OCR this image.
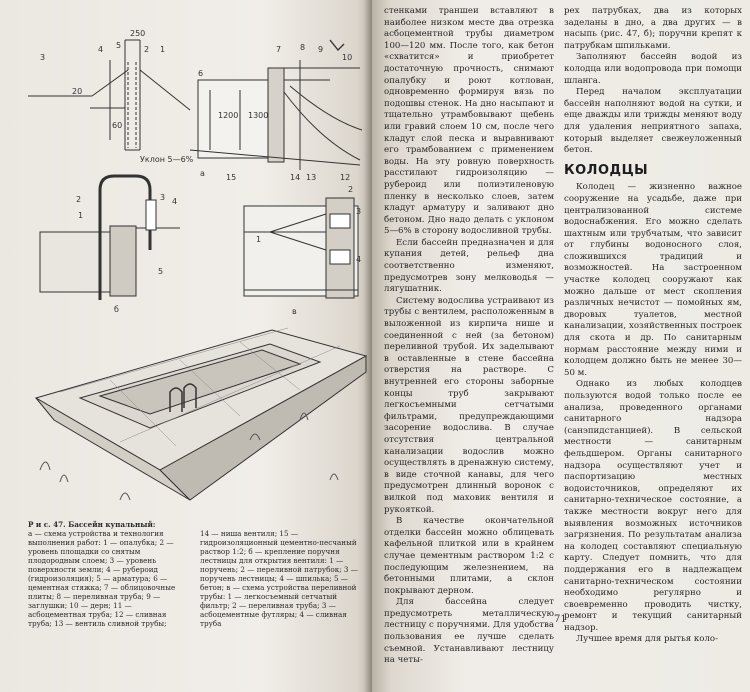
3
4 5
250
2 1
20
60
Уклон 5—6%
1200 1300
7 8 9
10
6
15	14 13	12
а
2
1
3 4
5
б
3
2
1
4
в
Р и с. 47. Бассейн купальный:

а — схема устройства и технология выполнения работ: 1 — опалубка; 2 — уровень площадки со снятым плодородным слоем; 3 — уровень поверхности земли; 4 — рубероид (гидроизоляция); 5 — арматура; 6 — цементная стяжка; 7 — облицовочные плиты; 8 — переливная труба; 9 — заглушки; 10 — дерн; 11 — асбоцементная труба; 12 — сливная труба; 13 — вентиль сливной трубы;

14 — ниша вентиля; 15 — гидроизоляционный цементно-песчаный раствор 1:2; б — крепление поручня лестницы для открытия вентиля: 1 — поручень; 2 — переливной патрубок; 3 — поручень лестницы; 4 — шпилька; 5 — бетон; в — схема устройства переливной трубы: 1 — легкосъемный сетчатый фильтр; 2 — переливная труба; 3 — асбоцементные футляры; 4 — сливная труба

стенками траншеи вставляют в наиболее низком месте два отрезка асбоцементной трубы диаметром 100—120 мм. После того, как бетон «схватится» и приобретет достаточную прочность, снимают опалубку и роют котлован, одновременно формируя вязь по подошвы стенок. На дно насыпают и тщательно утрамбовывают щебень или гравий слоем 10 см, после чего кладут слой песка и выравнивают его трамбованием с применением воды. На эту ровную поверхность расстилают гидроизоляцию — рубероид или полиэтиленовую пленку в несколько слоев, затем кладут арматуру и заливают дно бетоном. Дно надо делать с уклоном 5—6% в сторону водосливной трубы.

Если бассейн предназначен и для купания детей, рельеф дна соответственно изменяют, предусмотрев зону мелководья — лягушатник.

Систему водослива устраивают из трубы с вентилем, расположенным в выложенной из кирпича нише и соединенной с ней (за бетоном) переливной трубой. Их заделывают в оставленные в стене бассейна отверстия на растворе. С внутренней его стороны заборные концы труб закрывают легкосъемными сетчатыми фильтрами, предупреждающими засорение водослива. В случае отсутствия центральной канализации водослив можно осуществлять в дренажную систему, в виде сточной канавы, для чего предусмотрен длинный воронок с вилкой под маховик вентиля и рукояткой.

В качестве окончательной отделки бассейн можно облицевать кафельной плиткой или в крайнем случае цементным раствором 1:2 с последующим железнением, на бетонными плитами, а склон покрывают дерном.

Для бассейна следует предусмотреть металлическую лестницу с поручнями. Для удобства пользования ее лучше сделать съемной. Устанавливают лестницу на четы-

рех патрубках, два из которых заделаны в дно, а два других — в насыпь (рис. 47, б); поручни крепят к патрубкам шпильками.

Заполняют бассейн водой из колодца или водопровода при помощи шланга.

Перед началом эксплуатации бассейн наполняют водой на сутки, и еще дважды или трижды меняют воду для удаления неприятного запаха, который выделяет свежеуложенный бетон.

КОЛОДЦЫ

Колодец — жизненно важное сооружение на усадьбе, даже при централизованной системе водоснабжения. Его можно сделать шахтным или трубчатым, что зависит от глубины водоносного слоя, сложившихся традиций и возможностей. На застроенном участке колодец сооружают как можно дальше от мест скопления различных нечистот — помойных ям, дворовых туалетов, местной канализации, хозяйственных построек для скота и др. По санитарным нормам расстояние между ними и колодцем должно быть не менее 30—50 м.

Однако из любых колодцев пользуются водой только после ее анализа, проведенного органами санитарного надзора (санэпидстанцией). В сельской местности — санитарным фельдшером. Органы санитарного надзора осуществляют учет и паспортизацию местных водоисточников, определяют их санитарно-техническое состояние, а также местности вокруг него для выявления возможных источников загрязнения. По результатам анализа на колодец составляют специальную карту. Следует помнить, что для поддержания его в надлежащем санитарно-техническом состоянии необходимо регулярно и своевременно проводить чистку, ремонт и текущий санитарный надзор.

Лучшее время для рытья коло-

71
